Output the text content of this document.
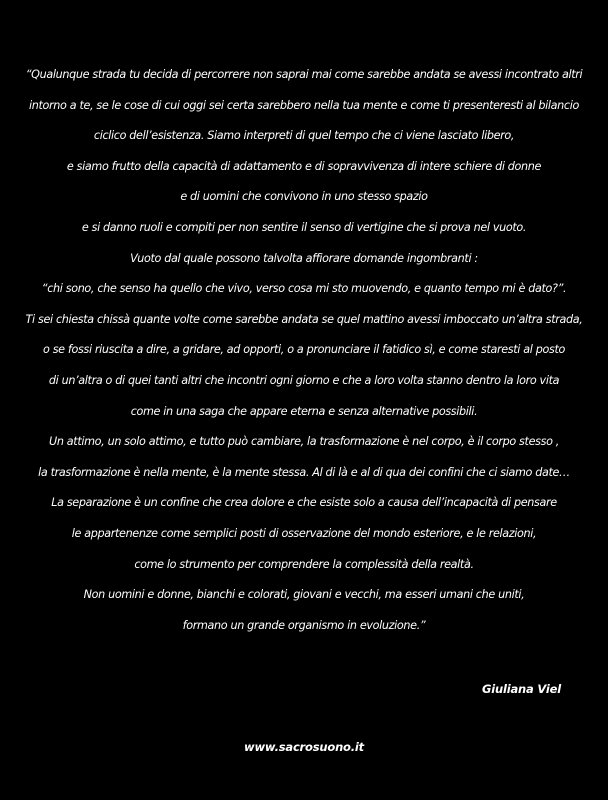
“Qualunque strada tu decida di percorrere non saprai mai come sarebbe andata se avessi incontrato altri
intorno a te, se le cose di cui oggi sei certa sarebbero nella tua mente e come ti presenteresti al bilancio
ciclico dell’esistenza. Siamo interpreti di quel tempo che ci viene lasciato libero,
e siamo frutto della capacità di adattamento e di sopravvivenza di intere schiere di donne
e di uomini che convivono in uno stesso spazio
e si danno ruoli e compiti per non sentire il senso di vertigine che si prova nel vuoto.
Vuoto dal quale possono talvolta affiorare domande ingombranti :
“chi sono, che senso ha quello che vivo, verso cosa mi sto muovendo, e quanto tempo mi è dato?”.
Ti sei chiesta chissà quante volte come sarebbe andata se quel mattino avessi imboccato un’altra strada,
o se fossi riuscita a dire, a gridare, ad opporti, o a pronunciare il fatidico sì, e come staresti al posto
di un’altra o di quei tanti altri che incontri ogni giorno e che a loro volta stanno dentro la loro vita
come in una saga che appare eterna e senza alternative possibili.
Un attimo, un solo attimo, e tutto può cambiare, la trasformazione è nel corpo, è il corpo stesso ,
la trasformazione è nella mente, è la mente stessa. Al di là e al di qua dei confini che ci siamo date…
La separazione è un confine che crea dolore e che esiste solo a causa dell’incapacità di pensare
le appartenenze come semplici posti di osservazione del mondo esteriore, e le relazioni,
come lo strumento per comprendere la complessità della realtà.
Non uomini e donne, bianchi e colorati, giovani e vecchi, ma esseri umani che uniti,
formano un grande organismo in evoluzione.”
Giuliana Viel
www.sacrosuono.it
